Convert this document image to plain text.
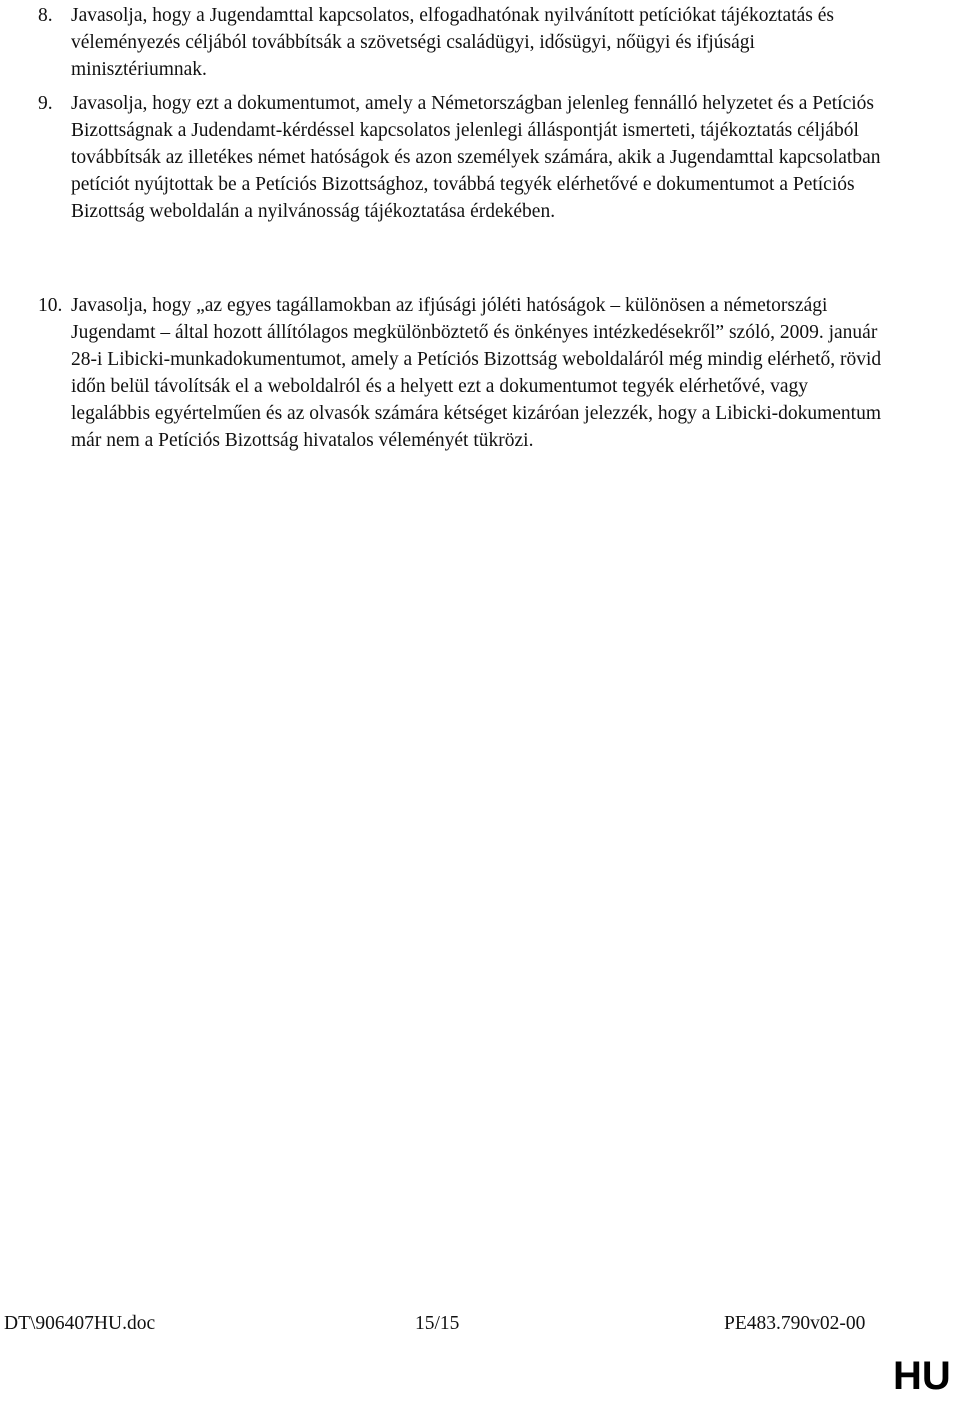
8. Javasolja, hogy a Jugendamttal kapcsolatos, elfogadhatónak nyilvánított petíciókat tájékoztatás és véleményezés céljából továbbítsák a szövetségi családügyi, idősügyi, nőügyi és ifjúsági minisztériumnak.
9. Javasolja, hogy ezt a dokumentumot, amely a Németországban jelenleg fennálló helyzetet és a Petíciós Bizottságnak a Judendamt-kérdéssel kapcsolatos jelenlegi álláspontját ismerteti, tájékoztatás céljából továbbítsák az illetékes német hatóságok és azon személyek számára, akik a Jugendamttal kapcsolatban petíciót nyújtottak be a Petíciós Bizottsághoz, továbbá tegyék elérhetővé e dokumentumot a Petíciós Bizottság weboldalán a nyilvánosság tájékoztatása érdekében.
10. Javasolja, hogy „az egyes tagállamokban az ifjúsági jóléti hatóságok – különösen a németországi Jugendamt – által hozott állítólagos megkülönböztető és önkényes intézkedésekről” szóló, 2009. január 28-i Libicki-munkadokumentumot, amely a Petíciós Bizottság weboldaláról még mindig elérhető, rövid időn belül távolítsák el a weboldalról és a helyett ezt a dokumentumot tegyék elérhetővé, vagy legalábbis egyértelműen és az olvasók számára kétséget kizáróan jelezzék, hogy a Libicki-dokumentum már nem a Petíciós Bizottság hivatalos véleményét tükrözi.
DT\906407HU.doc	15/15	PE483.790v02-00
HU
